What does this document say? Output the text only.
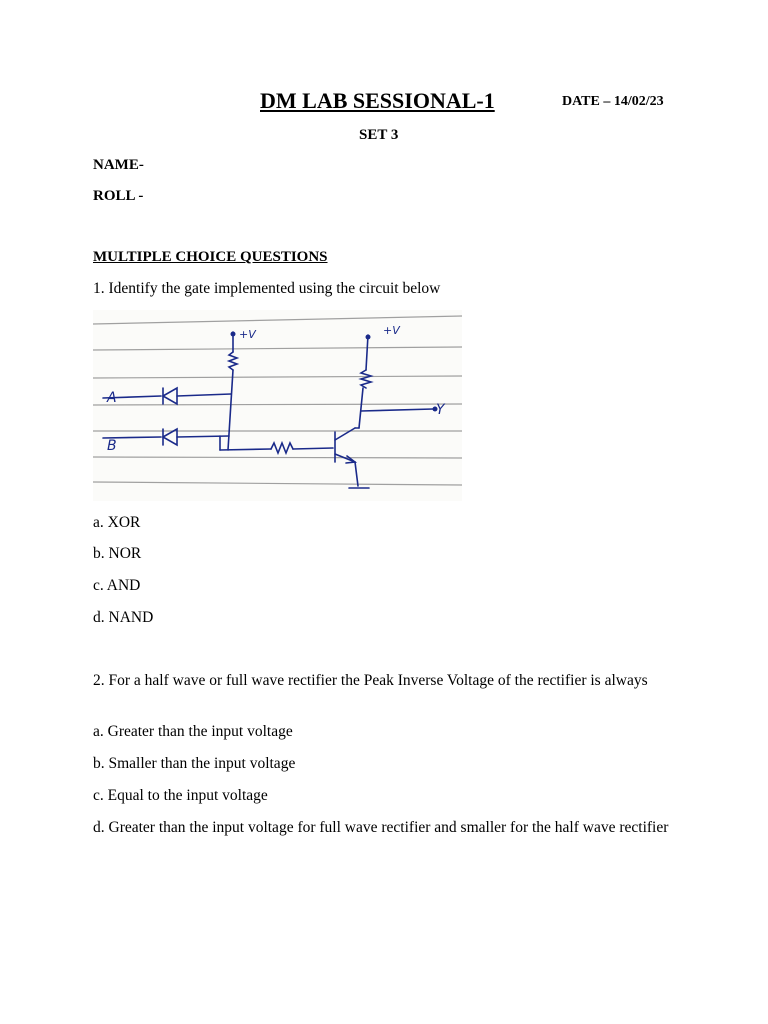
DM LAB SESSIONAL-1	DATE – 14/02/23
SET 3
NAME-
ROLL -
MULTIPLE CHOICE QUESTIONS
1. Identify the gate implemented using the circuit below
A
B
Y
+V	+V
a. XOR
b. NOR
c. AND
d. NAND
2. For a half wave or full wave rectifier the Peak Inverse Voltage of the rectifier is always
a. Greater than the input voltage
b. Smaller than the input voltage
c. Equal to the input voltage
d. Greater than the input voltage for full wave rectifier and smaller for the half wave rectifier
